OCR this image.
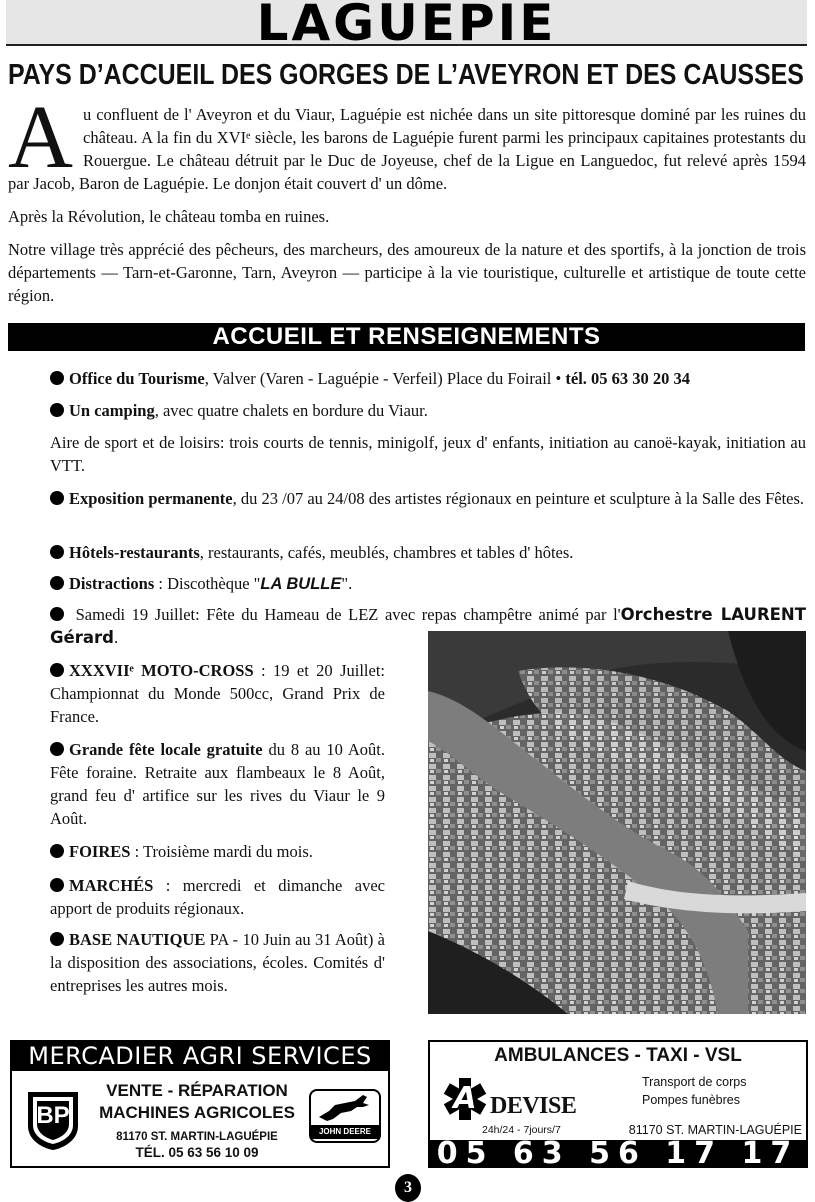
LAGUEPIE
PAYS D’ACCUEIL DES GORGES DE L’AVEYRON ET DES CAUSSES

Au confluent de l' Aveyron et du Viaur, Laguépie est nichée dans un site pittoresque dominé par les ruines du château. A la fin du XVIᵉ siècle, les barons de Laguépie furent parmi les principaux capitaines protestants du Rouergue. Le château détruit par le Duc de Joyeuse, chef de la Ligue en Languedoc, fut relevé après 1594 par Jacob, Baron de Laguépie. Le donjon était couvert d' un dôme.

Après la Révolution, le château tomba en ruines.

Notre village très apprécié des pêcheurs, des marcheurs, des amoureux de la nature et des sportifs, à la jonction de trois départements — Tarn-et-Garonne, Tarn, Aveyron — participe à la vie touristique, culturelle et artistique de toute cette région.

ACCUEIL ET RENSEIGNEMENTS
Office du Tourisme, Valver (Varen - Laguépie - Verfeil) Place du Foirail • tél. 05 63 30 20 34
Un camping, avec quatre chalets en bordure du Viaur.
Aire de sport et de loisirs: trois courts de tennis, minigolf, jeux d' enfants, initiation au canoë-kayak, initiation au VTT.
Exposition permanente, du 23 /07 au 24/08 des artistes régionaux en peinture et sculpture à la Salle des Fêtes.
Hôtels-restaurants, restaurants, cafés, meublés, chambres et tables d' hôtes.
Distractions : Discothèque "LA BULLE".
Samedi 19 Juillet: Fête du Hameau de LEZ avec repas champêtre animé par l'Orchestre LAURENT Gérard.
XXXVIIᵉ MOTO-CROSS : 19 et 20 Juillet: Championnat du Monde 500cc, Grand Prix de France.
Grande fête locale gratuite du 8 au 10 Août. Fête foraine. Retraite aux flambeaux le 8 Août, grand feu d' artifice sur les rives du Viaur le 9 Août.
FOIRES : Troisième mardi du mois.
MARCHÉS : mercredi et dimanche avec apport de produits régionaux.
BASE NAUTIQUE PA - 10 Juin au 31 Août) à la disposition des associations, écoles. Comités d' entreprises les autres mois.
MERCADIER AGRI SERVICES
BP
VENTE - RÉPARATION
MACHINES AGRICOLES
81170 ST. MARTIN-LAGUÉPIE
TÉL. 05 63 56 10 09
JOHN DEERE
AMBULANCES - TAXI - VSL
A DEVISE
Transport de corps
Pompes funèbres
24h/24 - 7jours/7	81170 ST. MARTIN-LAGUÉPIE
05 63 56 17 17
3
